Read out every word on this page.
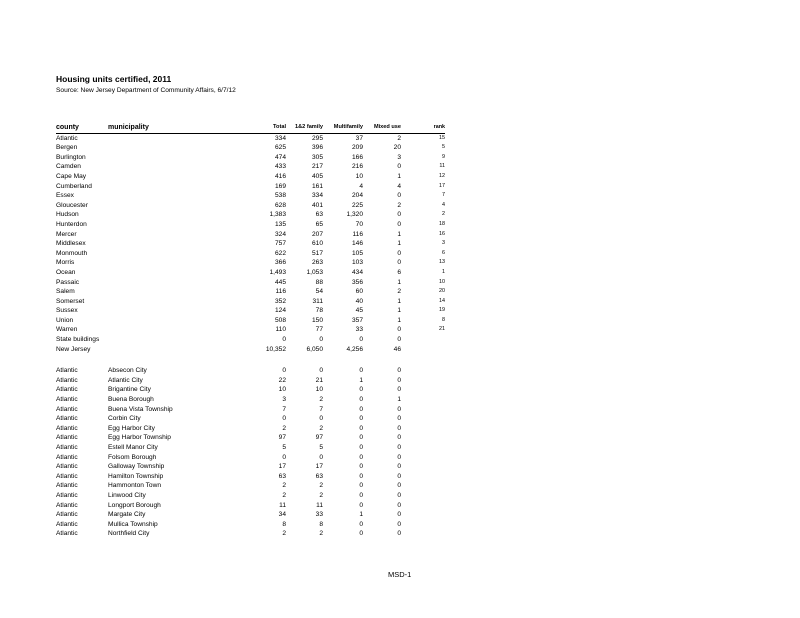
Housing units certified, 2011
Source: New Jersey Department of Community Affairs, 6/7/12
county	municipality	Total	1&2 family	Multifamily	Mixed use	rank
Atlantic		334	295	37	2	15
Bergen		625	396	209	20	5
Burlington		474	305	166	3	9
Camden		433	217	216	0	11
Cape May		416	405	10	1	12
Cumberland		169	161	4	4	17
Essex		538	334	204	0	7
Gloucester		628	401	225	2	4
Hudson		1,383	63	1,320	0	2
Hunterdon		135	65	70	0	18
Mercer		324	207	116	1	16
Middlesex		757	610	146	1	3
Monmouth		622	517	105	0	6
Morris		366	263	103	0	13
Ocean		1,493	1,053	434	6	1
Passaic		445	88	356	1	10
Salem		116	54	60	2	20
Somerset		352	311	40	1	14
Sussex		124	78	45	1	19
Union		508	150	357	1	8
Warren		110	77	33	0	21
State buildings		0	0	0	0	
New Jersey		10,352	6,050	4,256	46	

Atlantic	Absecon City	0	0	0	0	
Atlantic	Atlantic City	22	21	1	0	
Atlantic	Brigantine City	10	10	0	0	
Atlantic	Buena Borough	3	2	0	1	
Atlantic	Buena Vista Township	7	7	0	0	
Atlantic	Corbin City	0	0	0	0	
Atlantic	Egg Harbor City	2	2	0	0	
Atlantic	Egg Harbor Township	97	97	0	0	
Atlantic	Estell Manor City	5	5	0	0	
Atlantic	Folsom Borough	0	0	0	0	
Atlantic	Galloway Township	17	17	0	0	
Atlantic	Hamilton Township	63	63	0	0	
Atlantic	Hammonton Town	2	2	0	0	
Atlantic	Linwood City	2	2	0	0	
Atlantic	Longport Borough	11	11	0	0	
Atlantic	Margate City	34	33	1	0	
Atlantic	Mullica Township	8	8	0	0	
Atlantic	Northfield City	2	2	0	0	
MSD-1
